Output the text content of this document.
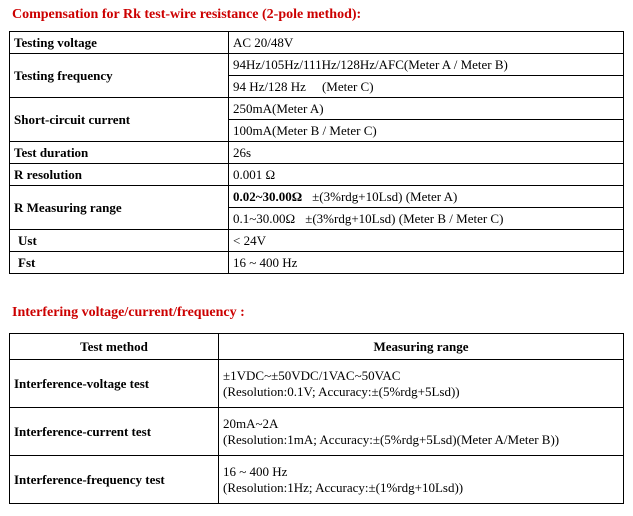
Compensation for Rk test-wire resistance (2-pole method):
Testing voltage	AC 20/48V
Testing frequency	94Hz/105Hz/111Hz/128Hz/AFC(Meter A / Meter B)
	94 Hz/128 Hz (Meter C)
Short-circuit current	250mA(Meter A)
	100mA(Meter B / Meter C)
Test duration	26s
R resolution	0.001 Ω
R Measuring range	0.02~30.00Ω ±(3%rdg+10Lsd) (Meter A)
	0.1~30.00Ω ±(3%rdg+10Lsd) (Meter B / Meter C)
Ust	< 24V
Fst	16 ~ 400 Hz
Interfering voltage/current/frequency :
Test method	Measuring range
Interference-voltage test	±1VDC~±50VDC/1VAC~50VAC
(Resolution:0.1V; Accuracy:±(5%rdg+5Lsd))

Interference-current test	20mA~2A
(Resolution:1mA; Accuracy:±(5%rdg+5Lsd)(Meter A/Meter B))

Interference-frequency test	16 ~ 400 Hz
(Resolution:1Hz; Accuracy:±(1%rdg+10Lsd))
